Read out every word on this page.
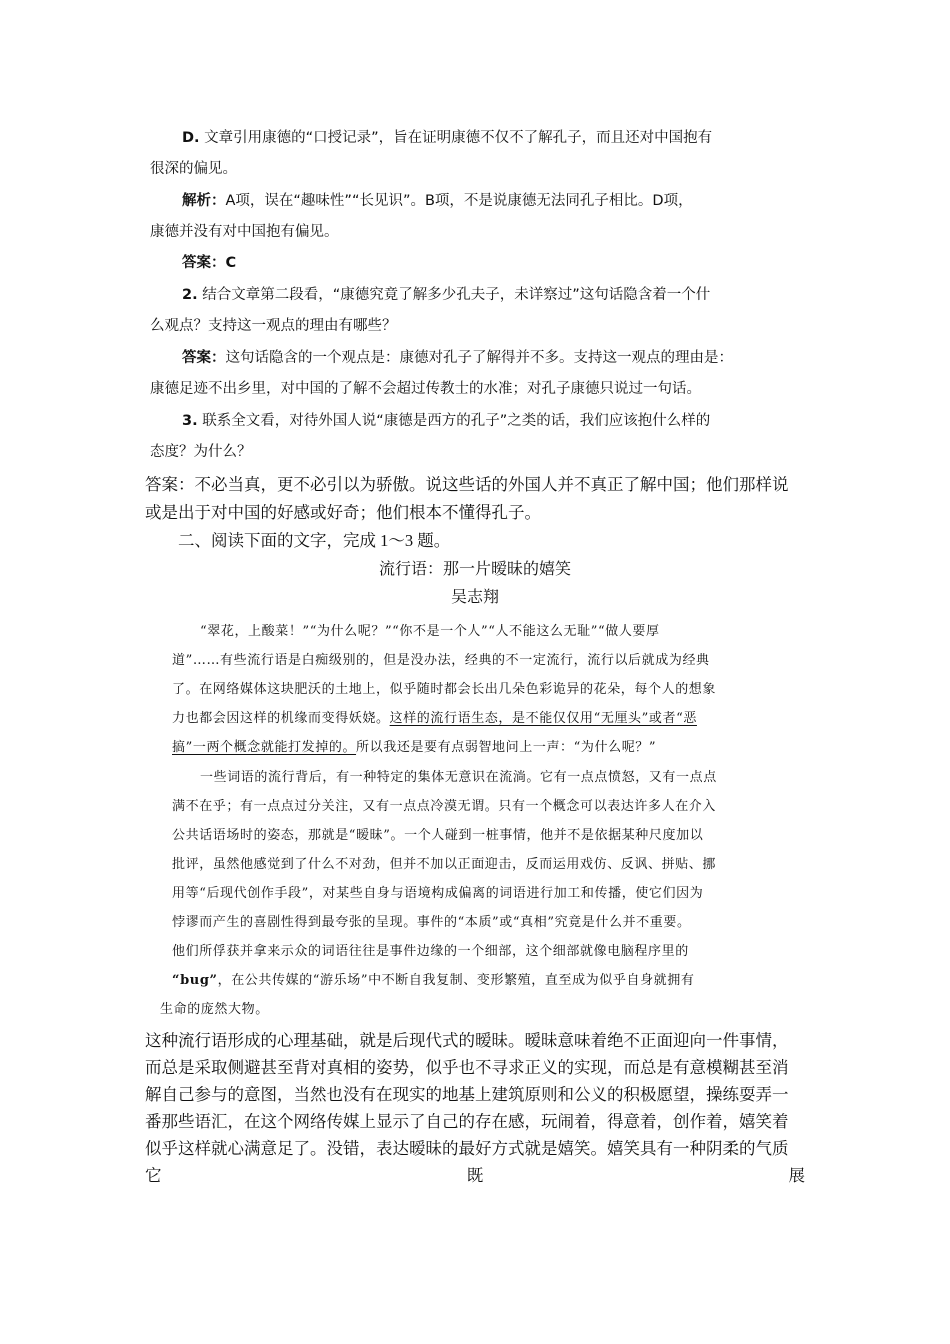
D. 文章引用康德的“口授记录”，旨在证明康德不仅不了解孔子，而且还对中国抱有

很深的偏见。

解析：A项，误在“趣味性”“长见识”。B项，不是说康德无法同孔子相比。D项，

康德并没有对中国抱有偏见。

答案：C

2. 结合文章第二段看，“康德究竟了解多少孔夫子，未详察过”这句话隐含着一个什

么观点？支持这一观点的理由有哪些？

答案：这句话隐含的一个观点是：康德对孔子了解得并不多。支持这一观点的理由是：

康德足迹不出乡里，对中国的了解不会超过传教士的水准；对孔子康德只说过一句话。

3. 联系全文看，对待外国人说“康德是西方的孔子”之类的话，我们应该抱什么样的

态度？为什么？

答案：不必当真，更不必引以为骄傲。说这些话的外国人并不真正了解中国；他们那样说

或是出于对中国的好感或好奇；他们根本不懂得孔子。

二、阅读下面的文字，完成 1～3 题。

流行语：那一片暧昧的嬉笑

吴志翔

“翠花，上酸菜！”“为什么呢？”“你不是一个人”“人不能这么无耻”“做人要厚

道”……有些流行语是白痴级别的，但是没办法，经典的不一定流行，流行以后就成为经典

了。在网络媒体这块肥沃的土地上，似乎随时都会长出几朵色彩诡异的花朵，每个人的想象

力也都会因这样的机缘而变得妖娆。这样的流行语生态，是不能仅仅用“无厘头”或者“恶

搞”一两个概念就能打发掉的。所以我还是要有点弱智地问上一声：“为什么呢？”

一些词语的流行背后，有一种特定的集体无意识在流淌。它有一点点愤怒，又有一点点

满不在乎；有一点点过分关注，又有一点点冷漠无谓。只有一个概念可以表达许多人在介入

公共话语场时的姿态，那就是“暧昧”。一个人碰到一桩事情，他并不是依据某种尺度加以

批评，虽然他感觉到了什么不对劲，但并不加以正面迎击，反而运用戏仿、反讽、拼贴、挪

用等“后现代创作手段”，对某些自身与语境构成偏离的词语进行加工和传播，使它们因为

悖谬而产生的喜剧性得到最夸张的呈现。事件的“本质”或“真相”究竟是什么并不重要。

他们所俘获并拿来示众的词语往往是事件边缘的一个细部，这个细部就像电脑程序里的

“bug”，在公共传媒的“游乐场”中不断自我复制、变形繁殖，直至成为似乎自身就拥有

生命的庞然大物。

这种流行语形成的心理基础，就是后现代式的暧昧。暧昧意味着绝不正面迎向一件事情，

而总是采取侧避甚至背对真相的姿势，似乎也不寻求正义的实现，而总是有意模糊甚至消

解自己参与的意图，当然也没有在现实的地基上建筑原则和公义的积极愿望，操练耍弄一

番那些语汇，在这个网络传媒上显示了自己的存在感，玩闹着，得意着，创作着，嬉笑着

似乎这样就心满意足了。没错，表达暧昧的最好方式就是嬉笑。嬉笑具有一种阴柔的气质

它	既	展
